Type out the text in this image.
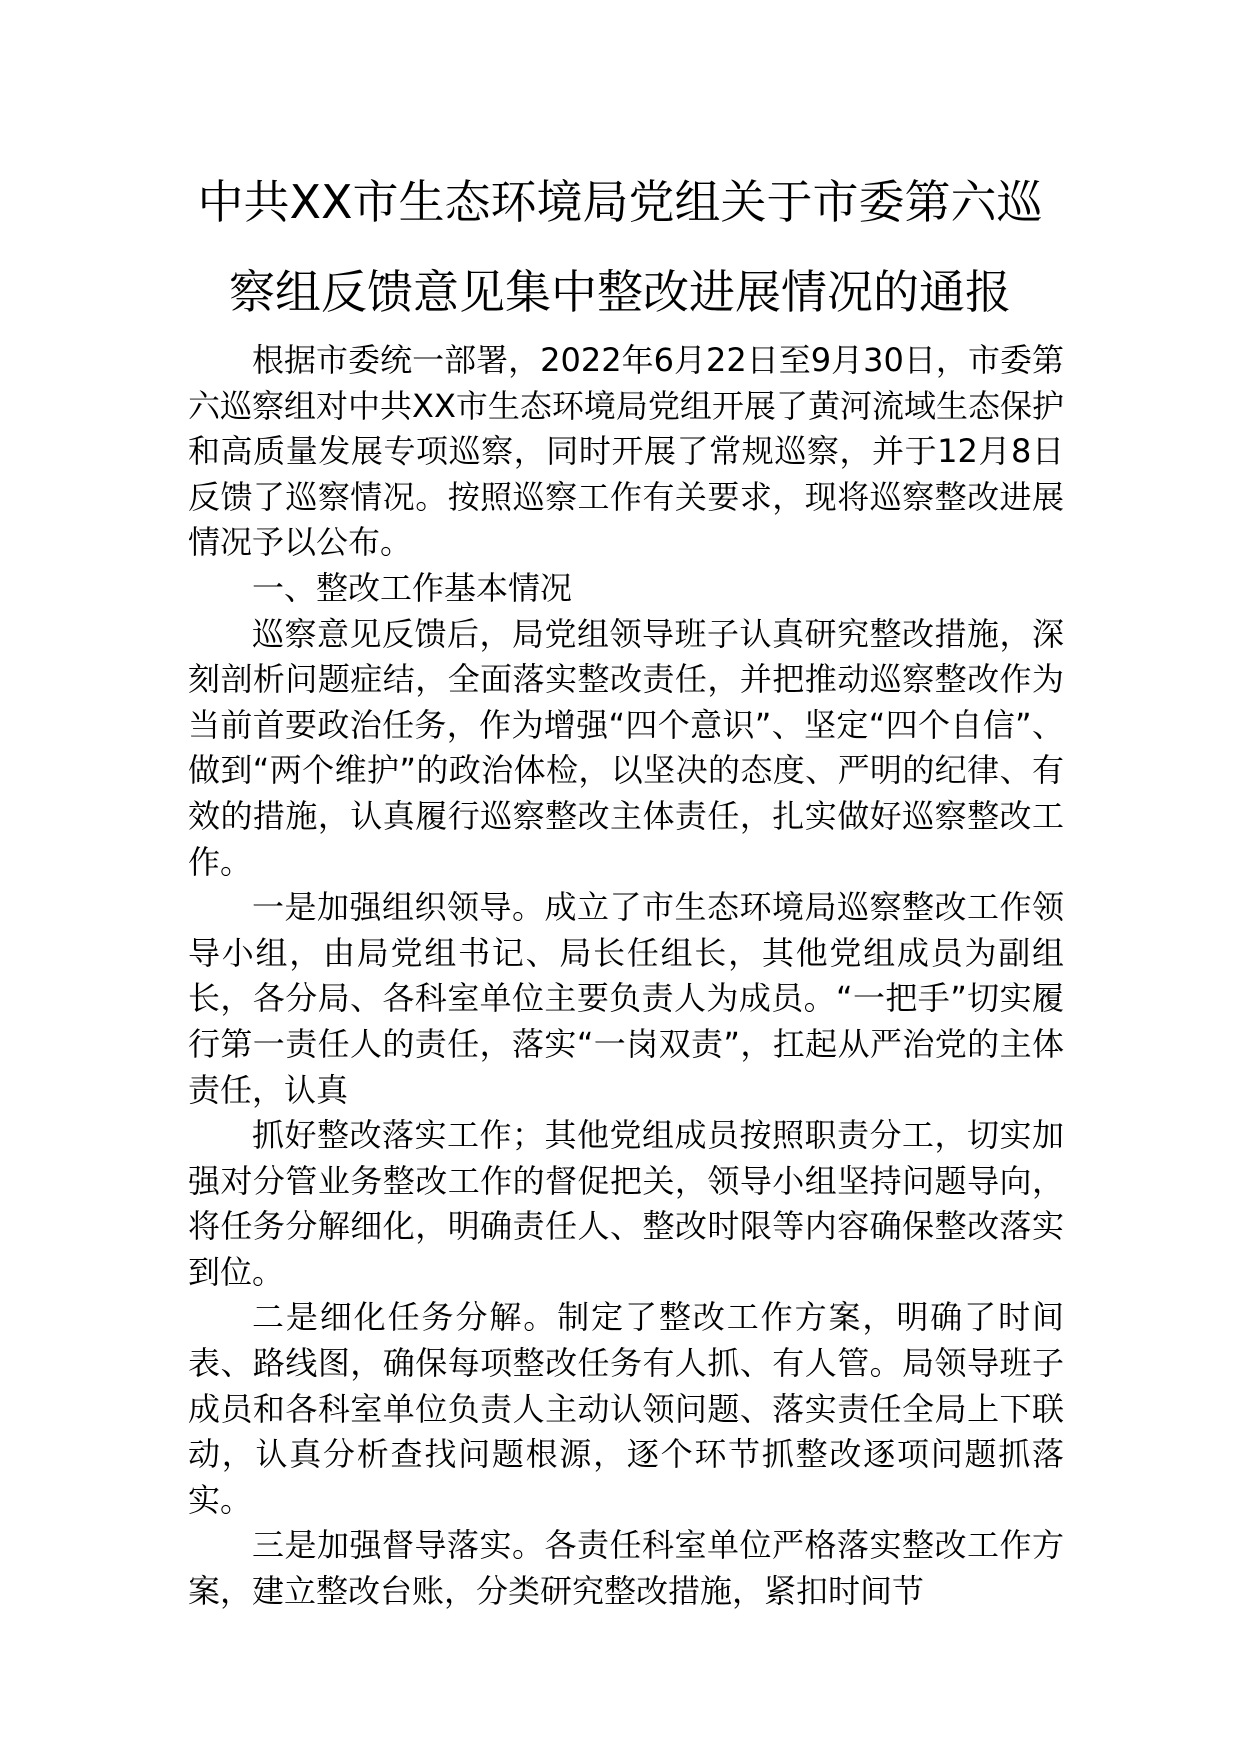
中共XX市生态环境局党组关于市委第六巡
察组反馈意见集中整改进展情况的通报

根据市委统一部署，2022年6月22日至9月30日，市委第六巡察组对中共XX市生态环境局党组开展了黄河流域生态保护和高质量发展专项巡察，同时开展了常规巡察，并于12月8日反馈了巡察情况。按照巡察工作有关要求，现将巡察整改进展情况予以公布。

一、整改工作基本情况

巡察意见反馈后，局党组领导班子认真研究整改措施，深刻剖析问题症结，全面落实整改责任，并把推动巡察整改作为当前首要政治任务，作为增强“四个意识”、坚定“四个自信”、做到“两个维护”的政治体检，以坚决的态度、严明的纪律、有效的措施，认真履行巡察整改主体责任，扎实做好巡察整改工作。

一是加强组织领导。成立了市生态环境局巡察整改工作领导小组，由局党组书记、局长任组长，其他党组成员为副组长，各分局、各科室单位主要负责人为成员。“一把手”切实履行第一责任人的责任，落实“一岗双责”，扛起从严治党的主体责任，认真

抓好整改落实工作；其他党组成员按照职责分工，切实加强对分管业务整改工作的督促把关，领导小组坚持问题导向，将任务分解细化，明确责任人、整改时限等内容确保整改落实到位。

二是细化任务分解。制定了整改工作方案，明确了时间表、路线图，确保每项整改任务有人抓、有人管。局领导班子成员和各科室单位负责人主动认领问题、落实责任全局上下联动，认真分析查找问题根源，逐个环节抓整改逐项问题抓落实。

三是加强督导落实。各责任科室单位严格落实整改工作方案，建立整改台账，分类研究整改措施，紧扣时间节
